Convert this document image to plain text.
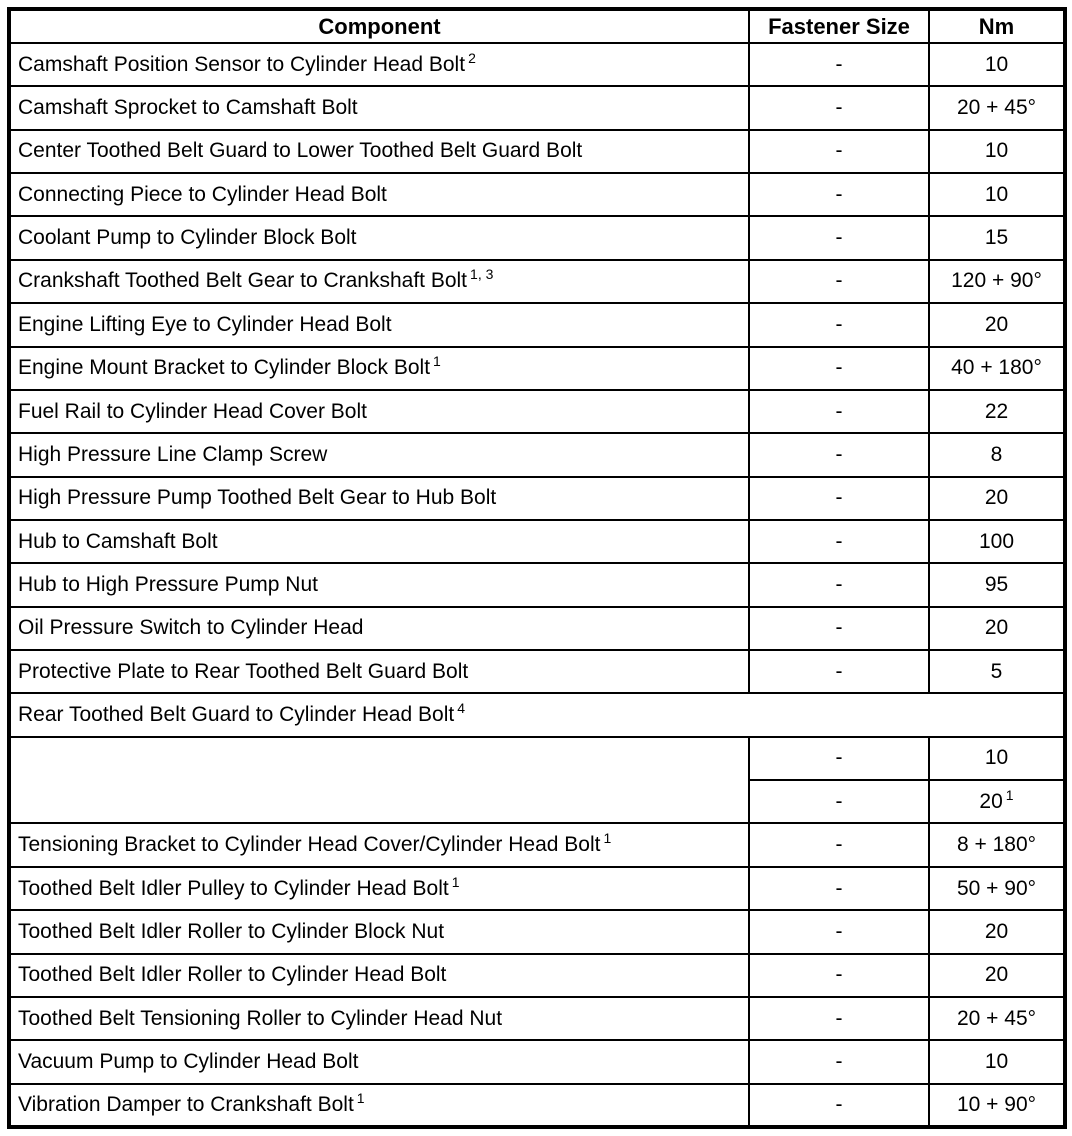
Component	Fastener Size	Nm
Camshaft Position Sensor to Cylinder Head Bolt $^2$	-	10
Camshaft Sprocket to Camshaft Bolt	-	20 + 45°
Center Toothed Belt Guard to Lower Toothed Belt Guard Bolt	-	10
Connecting Piece to Cylinder Head Bolt	-	10
Coolant Pump to Cylinder Block Bolt	-	15
Crankshaft Toothed Belt Gear to Crankshaft Bolt $^{1, 3}$	-	120 + 90°
Engine Lifting Eye to Cylinder Head Bolt	-	20
Engine Mount Bracket to Cylinder Block Bolt $^1$	-	40 + 180°
Fuel Rail to Cylinder Head Cover Bolt	-	22
High Pressure Line Clamp Screw	-	8
High Pressure Pump Toothed Belt Gear to Hub Bolt	-	20
Hub to Camshaft Bolt	-	100
Hub to High Pressure Pump Nut	-	95
Oil Pressure Switch to Cylinder Head	-	20
Protective Plate to Rear Toothed Belt Guard Bolt	-	5
Rear Toothed Belt Guard to Cylinder Head Bolt $^4$
	-	10
	-	20 $^1$
Tensioning Bracket to Cylinder Head Cover/Cylinder Head Bolt $^1$	-	8 + 180°
Toothed Belt Idler Pulley to Cylinder Head Bolt $^1$	-	50 + 90°
Toothed Belt Idler Roller to Cylinder Block Nut	-	20
Toothed Belt Idler Roller to Cylinder Head Bolt	-	20
Toothed Belt Tensioning Roller to Cylinder Head Nut	-	20 + 45°
Vacuum Pump to Cylinder Head Bolt	-	10
Vibration Damper to Crankshaft Bolt $^1$	-	10 + 90°
